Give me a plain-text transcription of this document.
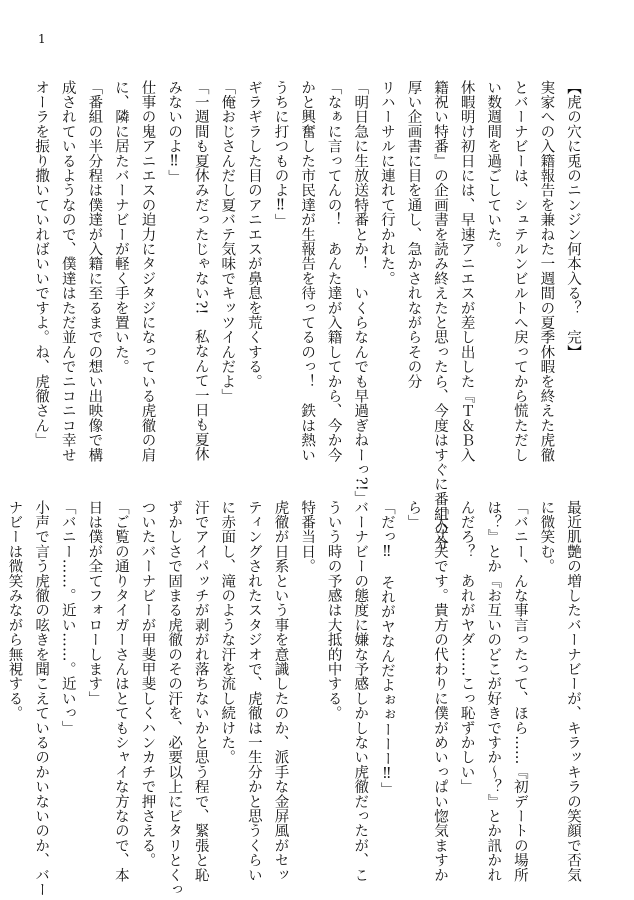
1
【虎の穴に兎のニンジン何本入る？　完】
実家への入籍報告を兼ねた一週間の夏季休暇を終えた虎徹
とバーナビーは、シュテルンビルトへ戻ってから慌ただし
い数週間を過ごしていた。
休暇明け初日には、早速アニエスが差し出した『Ｔ＆Ｂ入
籍祝い特番』の企画書を読み終えたと思ったら、今度はすぐに番組の分
厚い企画書に目を通し、急かされながらその分
リハーサルに連れて行かれた。
「明日急に生放送特番とか！　いくらなんでも早過ぎねーっ?!」
「なぁに言ってんの！　あんた達が入籍してから、今か今
かと興奮した市民達が生報告を待ってるのっ！　鉄は熱い
うちに打つものよ‼」
ギラギラした目のアニエスが鼻息を荒くする。
「俺おじさんだし夏バテ気味でキッツイんだよ」
「一週間も夏休みだったじゃない?!　私なんて一日も夏休
みないのよ‼」
仕事の鬼アニエスの迫力にタジタジになっている虎徹の肩
に、隣に居たバーナビーが軽く手を置いた。
「番組の半分程は僕達が入籍に至るまでの想い出映像で構
成されているようなので、僕達はただ並んでニコニコ幸せ
オーラを振り撒いていればいいですよ。ね、虎徹さん」
最近肌艶の増したバーナビーが、キラッキラの笑顔で否気
に微笑む。
「バニー、んな事言ったって、ほら……『初デートの場所
は？』とか『お互いのどこが好きですか〜？』とか訊かれ
んだろ？　あれがヤダ……こっ恥ずかしい」
「大丈夫です。貴方の代わりに僕がめいっぱい惚気ますか
ら」
「だっ‼　それがヤなんだよぉぉーーー‼」
バーナビーの態度に嫌な予感しかしない虎徹だったが、こ
ういう時の予感は大抵的中する。
特番当日。
虎徹が日系という事を意識したのか、派手な金屏風がセッ
ティングされたスタジオで、虎徹は一生分かと思うくらい
に赤面し、滝のような汗を流し続けた。
汗でアイパッチが剥がれ落ちないかと思う程で、緊張と恥
ずかしさで固まる虎徹のその汗を、必要以上にピタリとくっ
ついたバーナビーが甲斐甲斐しくハンカチで押さえる。
「ご覧の通りタイガーさんはとてもシャイな方なので、本
日は僕が全てフォローします」
「バニー……。近い……。近いっ」
小声で言う虎徹の呟きを聞こえているのかいないのか、バー
ナビーは微笑みながら無視する。
